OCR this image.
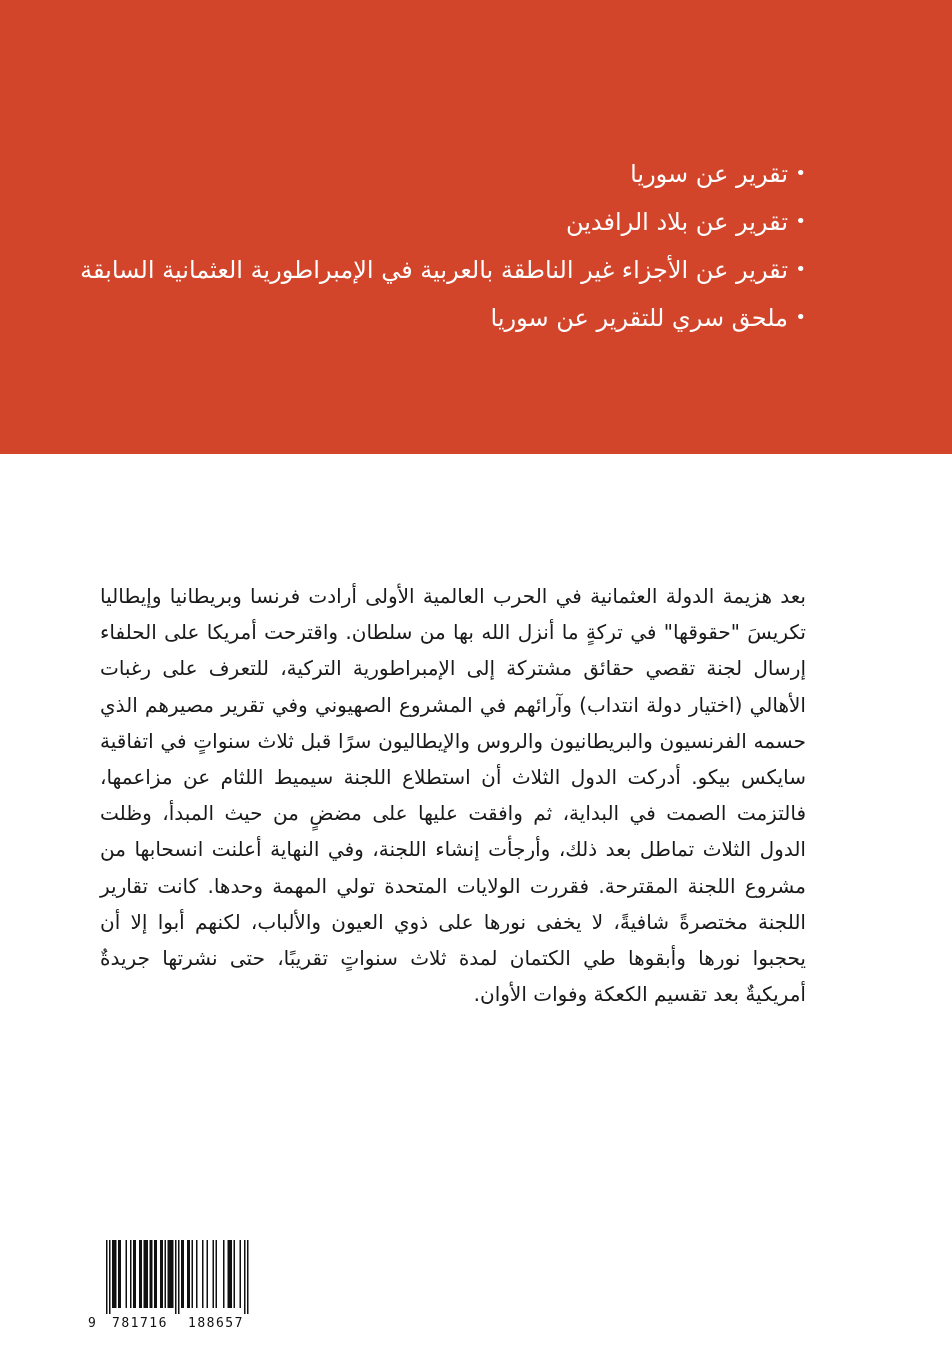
• تقرير عن سوريا
• تقرير عن بلاد الرافدين
• تقرير عن الأجزاء غير الناطقة بالعربية في الإمبراطورية العثمانية السابقة
• ملحق سري للتقرير عن سوريا

بعد هزيمة الدولة العثمانية في الحرب العالمية الأولى أرادت فرنسا وبريطانيا وإيطاليا تكريسَ "حقوقها" في تركةٍ ما أنزل الله بها من سلطان. واقترحت أمريكا على الحلفاء إرسال لجنة تقصي حقائق مشتركة إلى الإمبراطورية التركية، للتعرف على رغبات الأهالي (اختيار دولة انتداب) وآرائهم في المشروع الصهيوني وفي تقرير مصيرهم الذي حسمه الفرنسيون والبريطانيون والروس والإيطاليون سرًا قبل ثلاث سنواتٍ في اتفاقية سايكس بيكو. أدركت الدول الثلاث أن استطلاع اللجنة سيميط اللثام عن مزاعمها، فالتزمت الصمت في البداية، ثم وافقت عليها على مضضٍ من حيث المبدأ، وظلت الدول الثلاث تماطل بعد ذلك، وأرجأت إنشاء اللجنة، وفي النهاية أعلنت انسحابها من مشروع اللجنة المقترحة. فقررت الولايات المتحدة تولي المهمة وحدها. كانت تقارير اللجنة مختصرةً شافيةً، لا يخفى نورها على ذوي العيون والألباب، لكنهم أبوا إلا أن يحجبوا نورها وأبقوها طي الكتمان لمدة ثلاث سنواتٍ تقريبًا، حتى نشرتها جريدةٌ أمريكيةٌ بعد تقسيم الكعكة وفوات الأوان.

9 781716 188657
